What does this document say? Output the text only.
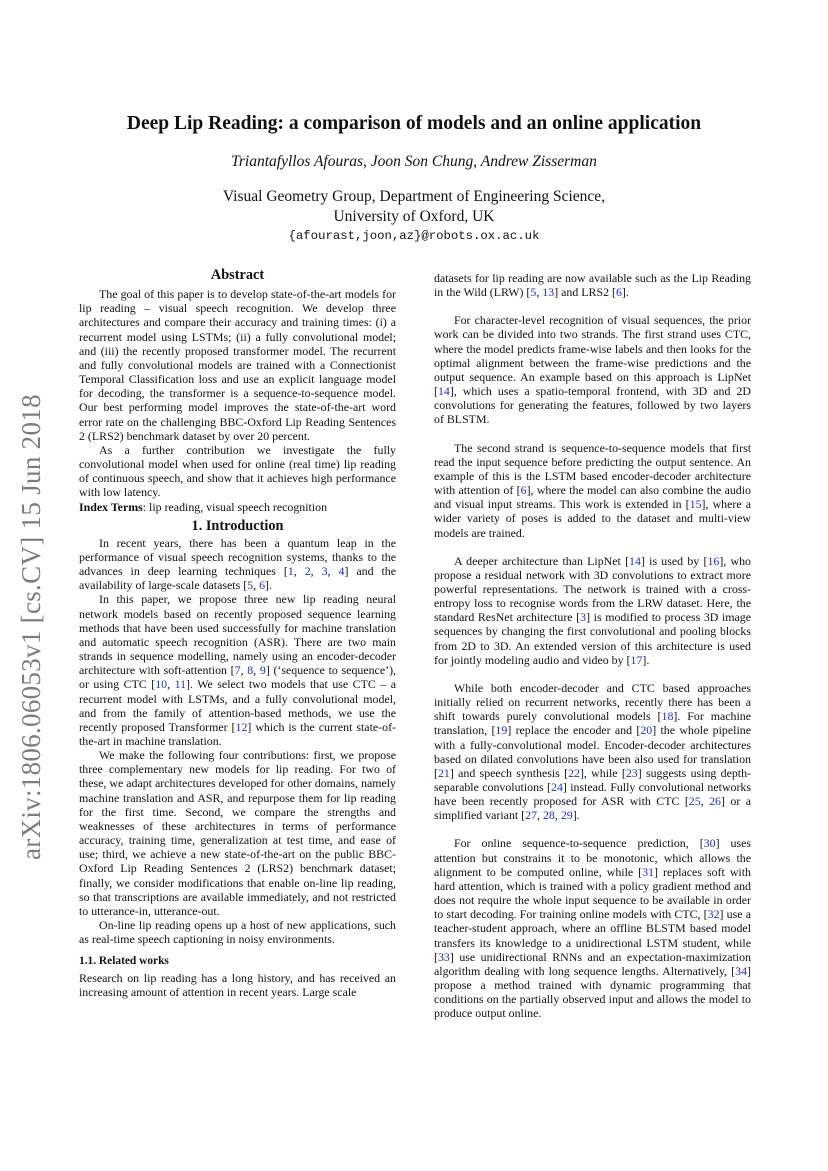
arXiv:1806.06053v1 [cs.CV] 15 Jun 2018
Deep Lip Reading: a comparison of models and an online application
Triantafyllos Afouras, Joon Son Chung, Andrew Zisserman
Visual Geometry Group, Department of Engineering Science,
University of Oxford, UK
{afourast,joon,az}@robots.ox.ac.uk
Abstract

The goal of this paper is to develop state-of-the-art models for lip reading – visual speech recognition. We develop three architectures and compare their accuracy and training times: (i) a recurrent model using LSTMs; (ii) a fully convolutional model; and (iii) the recently proposed transformer model. The recurrent and fully convolutional models are trained with a Connectionist Temporal Classification loss and use an explicit language model for decoding, the transformer is a sequence-to-sequence model. Our best performing model improves the state-of-the-art word error rate on the challenging BBC-Oxford Lip Reading Sentences 2 (LRS2) benchmark dataset by over 20 percent.

As a further contribution we investigate the fully convolutional model when used for online (real time) lip reading of continuous speech, and show that it achieves high performance with low latency.

Index Terms: lip reading, visual speech recognition

1. Introduction

In recent years, there has been a quantum leap in the performance of visual speech recognition systems, thanks to the advances in deep learning techniques [1, 2, 3, 4] and the availability of large-scale datasets [5, 6].

In this paper, we propose three new lip reading neural network models based on recently proposed sequence learning methods that have been used successfully for machine translation and automatic speech recognition (ASR). There are two main strands in sequence modelling, namely using an encoder-decoder architecture with soft-attention [7, 8, 9] (‘sequence to sequence’), or using CTC [10, 11]. We select two models that use CTC – a recurrent model with LSTMs, and a fully convolutional model, and from the family of attention-based methods, we use the recently proposed Transformer [12] which is the current state-of-the-art in machine translation.

We make the following four contributions: first, we propose three complementary new models for lip reading. For two of these, we adapt architectures developed for other domains, namely machine translation and ASR, and repurpose them for lip reading for the first time. Second, we compare the strengths and weaknesses of these architectures in terms of performance accuracy, training time, generalization at test time, and ease of use; third, we achieve a new state-of-the-art on the public BBC-Oxford Lip Reading Sentences 2 (LRS2) benchmark dataset; finally, we consider modifications that enable on-line lip reading, so that transcriptions are available immediately, and not restricted to utterance-in, utterance-out.

On-line lip reading opens up a host of new applications, such as real-time speech captioning in noisy environments.

1.1. Related works

Research on lip reading has a long history, and has received an increasing amount of attention in recent years. Large scale

datasets for lip reading are now available such as the Lip Reading in the Wild (LRW) [5, 13] and LRS2 [6].

For character-level recognition of visual sequences, the prior work can be divided into two strands. The first strand uses CTC, where the model predicts frame-wise labels and then looks for the optimal alignment between the frame-wise predictions and the output sequence. An example based on this approach is LipNet [14], which uses a spatio-temporal frontend, with 3D and 2D convolutions for generating the features, followed by two layers of BLSTM.

The second strand is sequence-to-sequence models that first read the input sequence before predicting the output sentence. An example of this is the LSTM based encoder-decoder architecture with attention of [6], where the model can also combine the audio and visual input streams. This work is extended in [15], where a wider variety of poses is added to the dataset and multi-view models are trained.

A deeper architecture than LipNet [14] is used by [16], who propose a residual network with 3D convolutions to extract more powerful representations. The network is trained with a cross-entropy loss to recognise words from the LRW dataset. Here, the standard ResNet architecture [3] is modified to process 3D image sequences by changing the first convolutional and pooling blocks from 2D to 3D. An extended version of this architecture is used for jointly modeling audio and video by [17].

While both encoder-decoder and CTC based approaches initially relied on recurrent networks, recently there has been a shift towards purely convolutional models [18]. For machine translation, [19] replace the encoder and [20] the whole pipeline with a fully-convolutional model. Encoder-decoder architectures based on dilated convolutions have been also used for translation [21] and speech synthesis [22], while [23] suggests using depth-separable convolutions [24] instead. Fully convolutional networks have been recently proposed for ASR with CTC [25, 26] or a simplified variant [27, 28, 29].

For online sequence-to-sequence prediction, [30] uses attention but constrains it to be monotonic, which allows the alignment to be computed online, while [31] replaces soft with hard attention, which is trained with a policy gradient method and does not require the whole input sequence to be available in order to start decoding. For training online models with CTC, [32] use a teacher-student approach, where an offline BLSTM based model transfers its knowledge to a unidirectional LSTM student, while [33] use unidirectional RNNs and an expectation-maximization algorithm dealing with long sequence lengths. Alternatively, [34] propose a method trained with dynamic programming that conditions on the partially observed input and allows the model to produce output online.
